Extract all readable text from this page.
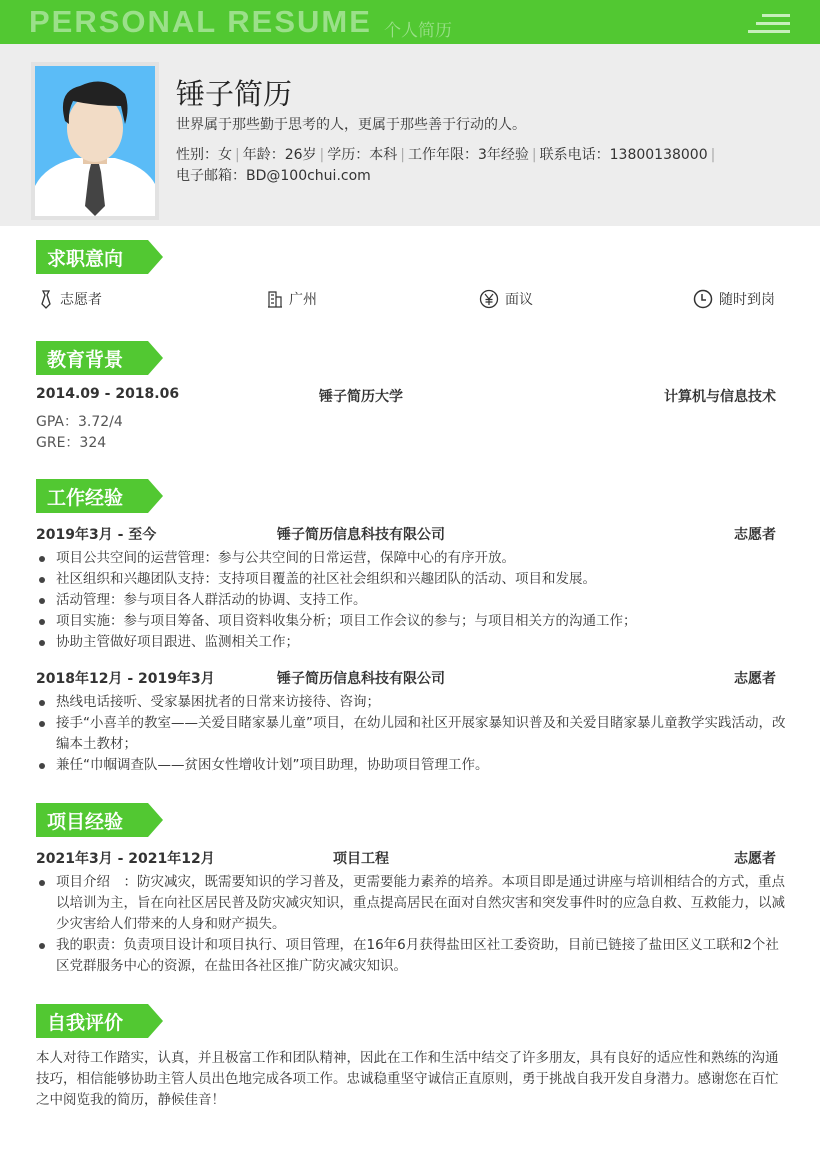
PERSONAL RESUME 个人简历
锤子简历
世界属于那些勤于思考的人，更属于那些善于行动的人。
性别：女 | 年龄：26岁 | 学历：本科 | 工作年限：3年经验 | 联系电话：13800138000 |
电子邮箱：BD@100chui.com
求职意向
教育背景
工作经验
项目经验
自我评价
志愿者	广州	面议	随时到岗
2014.09 - 2018.06	锤子简历大学	计算机与信息技术
GPA：3.72/4
GRE：324
2019年3月 - 至今	锤子简历信息科技有限公司	志愿者
项目公共空间的运营管理：参与公共空间的日常运营，保障中心的有序开放。
社区组织和兴趣团队支持：支持项目覆盖的社区社会组织和兴趣团队的活动、项目和发展。
活动管理：参与项目各人群活动的协调、支持工作。
项目实施：参与项目筹备、项目资料收集分析；项目工作会议的参与；与项目相关方的沟通工作；
协助主管做好项目跟进、监测相关工作；
2018年12月 - 2019年3月	锤子简历信息科技有限公司	志愿者
热线电话接听、受家暴困扰者的日常来访接待、咨询；
接手“小喜羊的教室——关爱目睹家暴儿童”项目，在幼儿园和社区开展家暴知识普及和关爱目睹家暴儿童教学实践活动，改编本土教材；
兼任“巾帼调查队——贫困女性增收计划”项目助理，协助项目管理工作。
2021年3月 - 2021年12月	项目工程	志愿者
项目介绍　：防灾减灾，既需要知识的学习普及，更需要能力素养的培养。本项目即是通过讲座与培训相结合的方式，重点以培训为主，旨在向社区居民普及防灾减灾知识，重点提高居民在面对自然灾害和突发事件时的应急自救、互救能力，以减少灾害给人们带来的人身和财产损失。
我的职责：负责项目设计和项目执行、项目管理，在16年6月获得盐田区社工委资助，目前已链接了盐田区义工联和2个社区党群服务中心的资源，在盐田各社区推广防灾减灾知识。
本人对待工作踏实，认真，并且极富工作和团队精神，因此在工作和生活中结交了许多朋友，具有良好的适应性和熟练的沟通技巧，相信能够协助主管人员出色地完成各项工作。忠诚稳重坚守诚信正直原则，勇于挑战自我开发自身潜力。感谢您在百忙之中阅览我的简历，静候佳音！
